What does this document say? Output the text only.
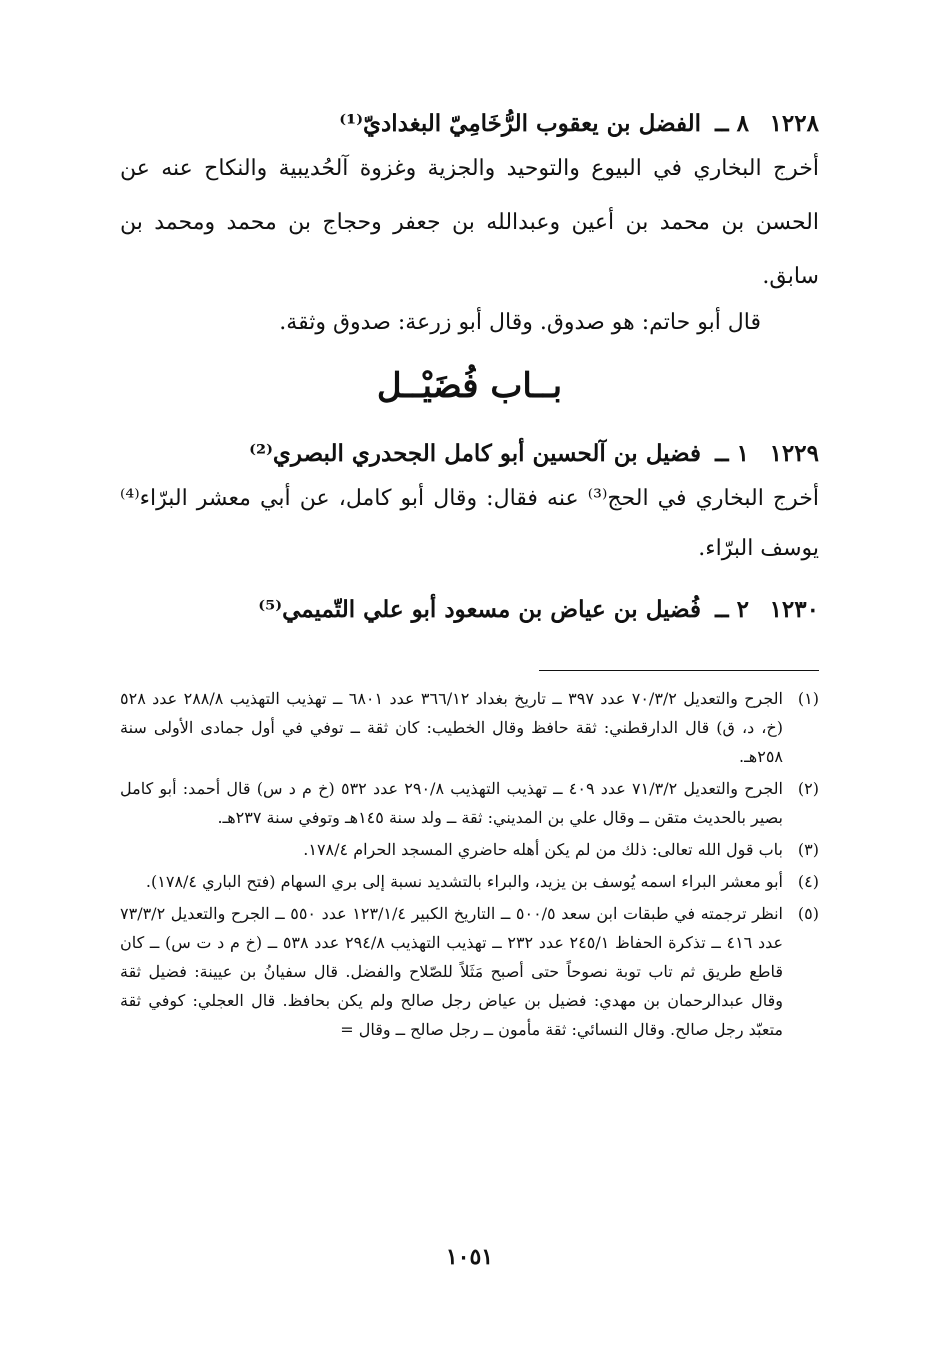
١٢٢٨٨ ــالفضل بن يعقوب الرُّخَامِيّ البغداديّ⁽¹⁾
أخرج البخاري في البيوع والتوحيد والجزية وغزوة آلحُديبية والنكاح عنه عن الحسن بن محمد بن أعين وعبدالله بن جعفر وحجاج بن محمد ومحمد بن سابق.
قال أبو حاتم: هو صدوق. وقال أبو زرعة: صدوق وثقة.
بــاب فُضَيْــل
١٢٢٩١ ــفضيل بن آلحسين أبو كامل الجحدري البصري⁽²⁾
أخرج البخاري في الحج⁽³⁾ عنه فقال: وقال أبو كامل، عن أبي معشر البرّاء⁽⁴⁾ يوسف البرّاء.
١٢٣٠٢ ــفُضيل بن عياض بن مسعود أبو علي التّميمي⁽⁵⁾
(١)
الجرح والتعديل ٧٠/٣/٢ عدد ٣٩٧ ــ تاريخ بغداد ٣٦٦/١٢ عدد ٦٨٠١ ــ تهذيب التهذيب ٢٨٨/٨ عدد ٥٢٨ (خ، د، ق) قال الدارقطني: ثقة حافظ وقال الخطيب: كان ثقة ــ توفي في أول جمادى الأولى سنة ٢٥٨هـ.
(٢)
الجرح والتعديل ٧١/٣/٢ عدد ٤٠٩ ــ تهذيب التهذيب ٢٩٠/٨ عدد ٥٣٢ (خ م د س) قال أحمد: أبو كامل بصير بالحديث متقن ــ وقال علي بن المديني: ثقة ــ ولد سنة ١٤٥هـ وتوفي سنة ٢٣٧هـ.
(٣)
باب قول الله تعالى: ذلك من لم يكن أهله حاضري المسجد الحرام ١٧٨/٤.
(٤)
أبو معشر البراء اسمه يُوسف بن يزيد، والبراء بالتشديد نسبة إلى بري السهام (فتح الباري ١٧٨/٤).
(٥)
انظر ترجمته في طبقات ابن سعد ٥٠٠/٥ ــ التاريخ الكبير ١٢٣/١/٤ عدد ٥٥٠ ــ الجرح والتعديل ٧٣/٣/٢ عدد ٤١٦ ــ تذكرة الحفاظ ٢٤٥/١ عدد ٢٣٢ ــ تهذيب التهذيب ٢٩٤/٨ عدد ٥٣٨ ــ (خ م د ت س) ــ كان قاطع طريق ثم تاب توبة نصوحاً حتى أصبح مَثَلاً للصّلاح والفضل. قال سفيانُ بن عيينة: فضيل ثقة وقال عبدالرحمان بن مهدي: فضيل بن عياض رجل صالح ولم يكن بحافظ. قال العجلي: كوفي ثقة متعبّد رجل صالح. وقال النسائي: ثقة مأمون ــ رجل صالح ــ وقال =
١٠٥١
